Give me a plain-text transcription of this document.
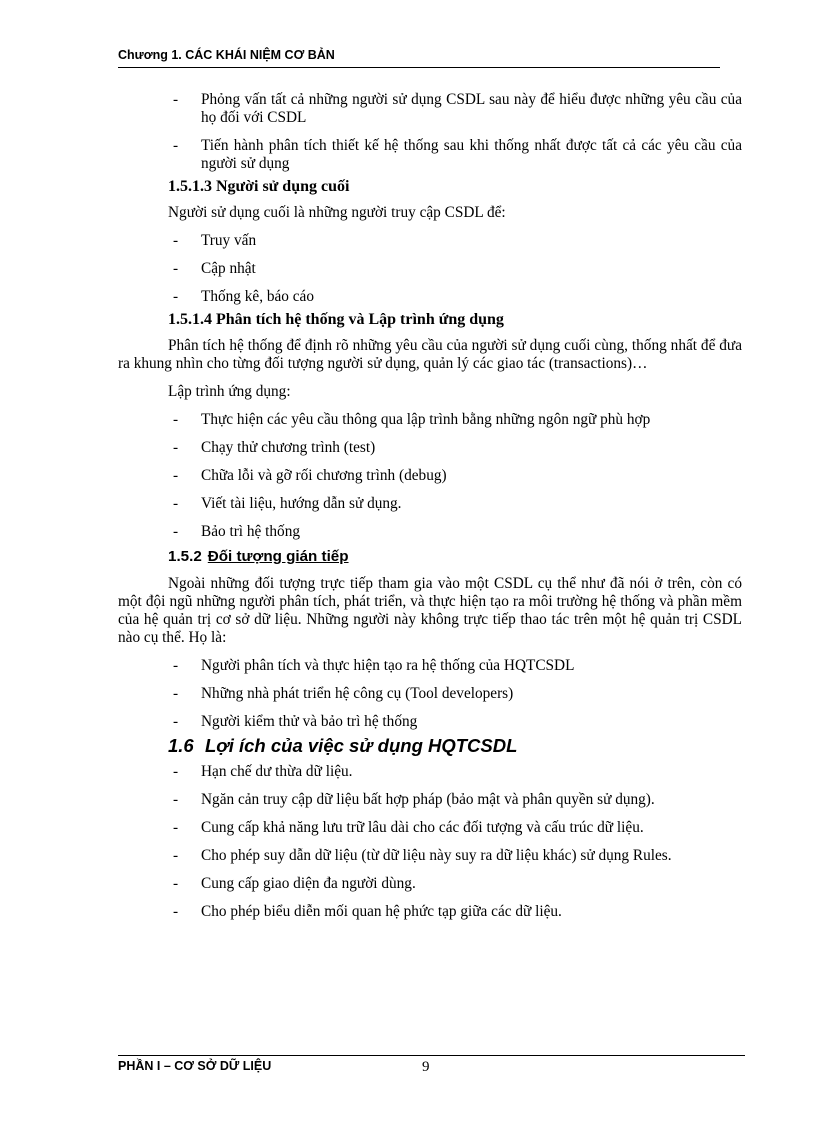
Chương 1. CÁC KHÁI NIỆM CƠ BẢN
- Phỏng vấn tất cả những người sử dụng CSDL sau này để hiểu được những yêu cầu của họ đối với CSDL
- Tiến hành phân tích thiết kế hệ thống sau khi thống nhất được tất cả các yêu cầu của người sử dụng
1.5.1.3 Người sử dụng cuối
Người sử dụng cuối là những người truy cập CSDL để:
- Truy vấn
- Cập nhật
- Thống kê, báo cáo
1.5.1.4 Phân tích hệ thống và Lập trình ứng dụng
Phân tích hệ thống để định rõ những yêu cầu của người sử dụng cuối cùng, thống nhất để đưa ra khung nhìn cho từng đối tượng người sử dụng, quản lý các giao tác (transactions)…
Lập trình ứng dụng:
- Thực hiện các yêu cầu thông qua lập trình bằng những ngôn ngữ phù hợp
- Chạy thử chương trình (test)
- Chữa lỗi và gỡ rối chương trình (debug)
- Viết tài liệu, hướng dẫn sử dụng.
- Bảo trì hệ thống
1.5.2 Đối tượng gián tiếp
Ngoài những đối tượng trực tiếp tham gia vào một CSDL cụ thể như đã nói ở trên, còn có một đội ngũ những người phân tích, phát triển, và thực hiện tạo ra môi trường hệ thống và phần mềm của hệ quản trị cơ sở dữ liệu. Những người này không trực tiếp thao tác trên một hệ quản trị CSDL nào cụ thể. Họ là:
- Người phân tích và thực hiện tạo ra hệ thống của HQTCSDL
- Những nhà phát triển hệ công cụ (Tool developers)
- Người kiểm thử và bảo trì hệ thống
1.6 Lợi ích của việc sử dụng HQTCSDL
- Hạn chế dư thừa dữ liệu.
- Ngăn cản truy cập dữ liệu bất hợp pháp (bảo mật và phân quyền sử dụng).
- Cung cấp khả năng lưu trữ lâu dài cho các đối tượng và cấu trúc dữ liệu.
- Cho phép suy dẫn dữ liệu (từ dữ liệu này suy ra dữ liệu khác) sử dụng Rules.
- Cung cấp giao diện đa người dùng.
- Cho phép biểu diễn mối quan hệ phức tạp giữa các dữ liệu.
PHẦN I – CƠ SỞ DỮ LIỆU	9
